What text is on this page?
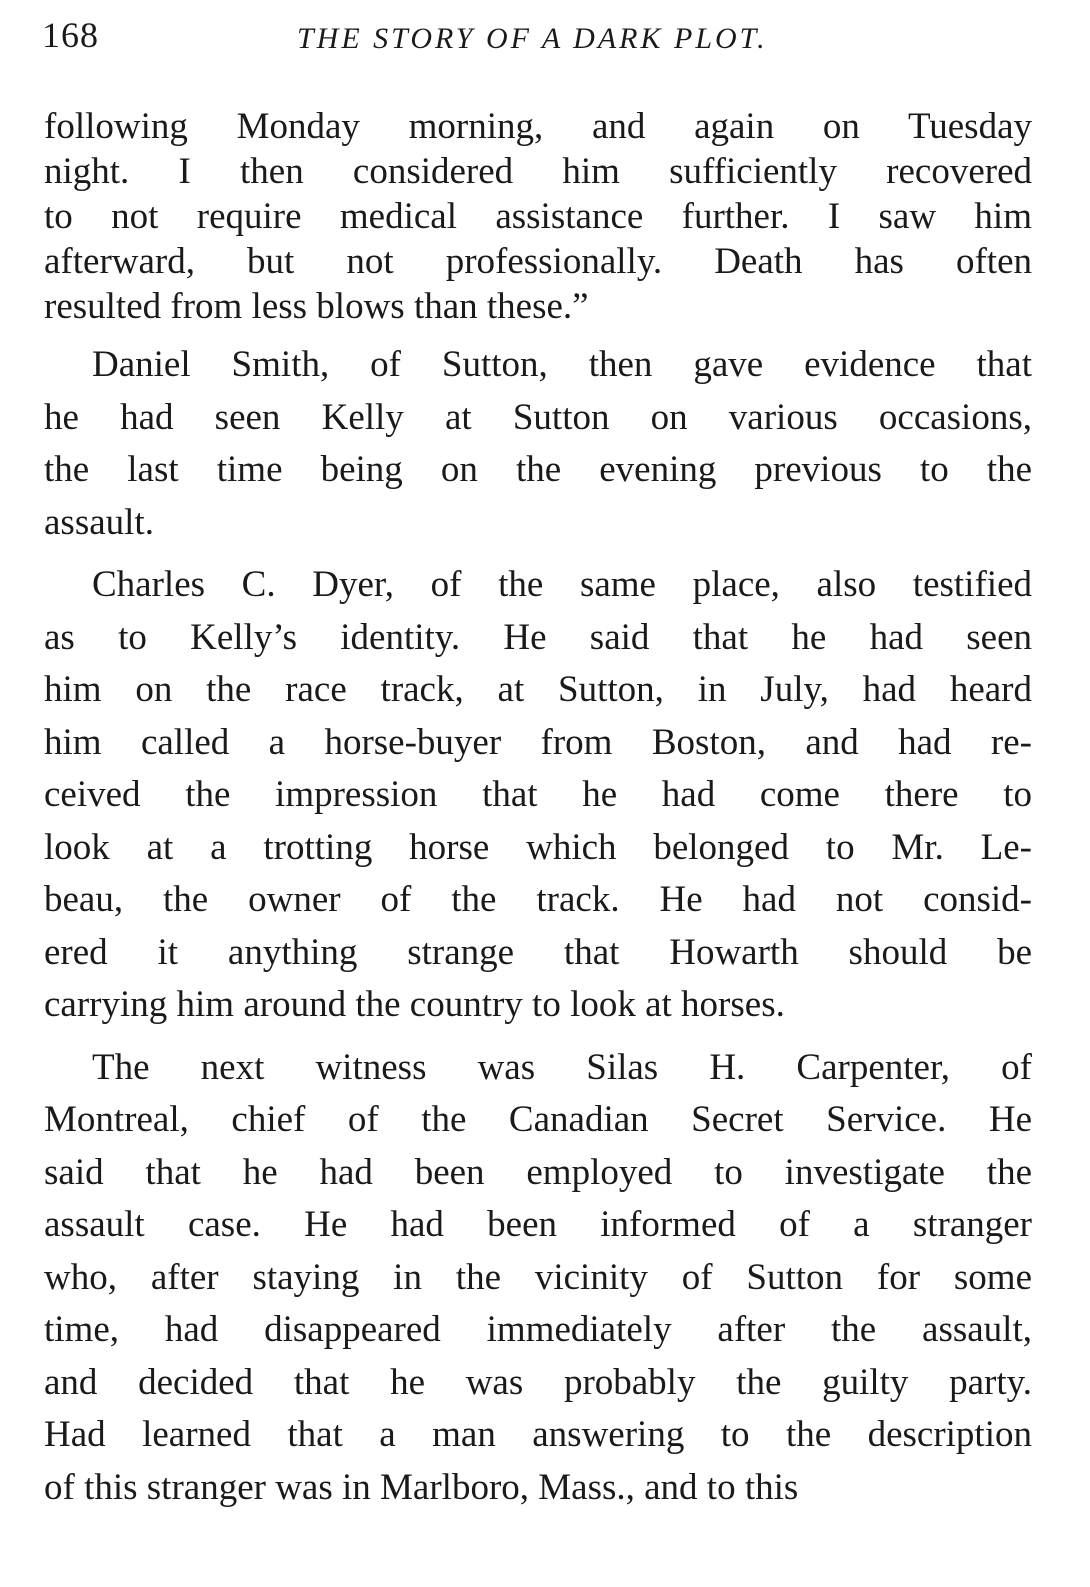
168	THE STORY OF A DARK PLOT.
following Monday morning, and again on Tuesday
night. I then considered him sufficiently recovered
to not require medical assistance further. I saw him
afterward, but not professionally. Death has often
resulted from less blows than these.”
Daniel Smith, of Sutton, then gave evidence that
he had seen Kelly at Sutton on various occasions,
the last time being on the evening previous to the
assault.
Charles C. Dyer, of the same place, also testified
as to Kelly’s identity. He said that he had seen
him on the race track, at Sutton, in July, had heard
him called a horse-buyer from Boston, and had re-
ceived the impression that he had come there to
look at a trotting horse which belonged to Mr. Le-
beau, the owner of the track. He had not consid-
ered it anything strange that Howarth should be
carrying him around the country to look at horses.
The next witness was Silas H. Carpenter, of
Montreal, chief of the Canadian Secret Service. He
said that he had been employed to investigate the
assault case. He had been informed of a stranger
who, after staying in the vicinity of Sutton for some
time, had disappeared immediately after the assault,
and decided that he was probably the guilty party.
Had learned that a man answering to the description
of this stranger was in Marlboro, Mass., and to this
